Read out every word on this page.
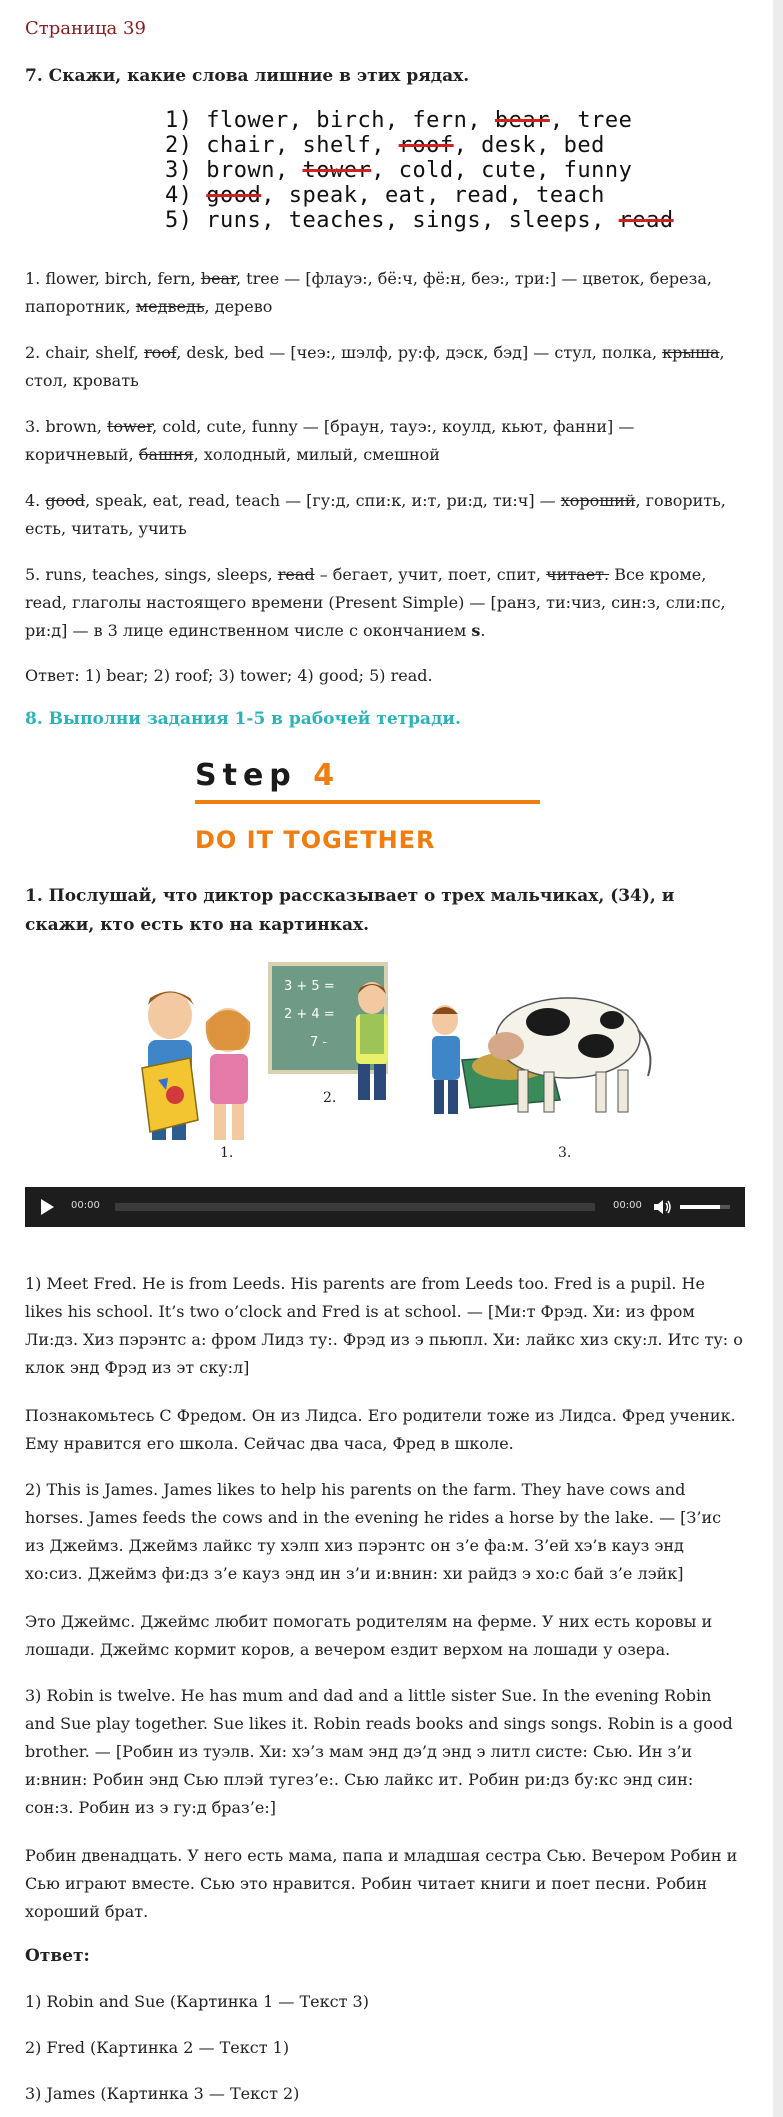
Страница 39
7. Скажи, какие слова лишние в этих рядах.
1) flower, birch, fern, bear, tree
2) chair, shelf, roof, desk, bed
3) brown, tower, cold, cute, funny
4) good, speak, eat, read, teach
5) runs, teaches, sings, sleeps, read

1. flower, birch, fern, bear, tree — [флауэ:, бё:ч, фё:н, беэ:, три:] — цветок, береза, папоротник, медведь, дерево

2. chair, shelf, roof, desk, bed — [чеэ:, шэлф, ру:ф, дэск, бэд] — стул, полка, крыша, стол, кровать

3. brown, tower, cold, cute, funny — [браун, тауэ:, коулд, кьют, фанни] — коричневый, башня, холодный, милый, смешной

4. good, speak, eat, read, teach — [гу:д, спи:к, и:т, ри:д, ти:ч] — хороший, говорить, есть, читать, учить

5. runs, teaches, sings, sleeps, read – бегает, учит, поет, спит, читает. Все кроме, read, глаголы настоящего времени (Present Simple) — [ранз, ти:чиз, син:з, сли:пс, ри:д] — в 3 лице единственном числе с окончанием s.

Ответ: 1) bear; 2) roof; 3) tower; 4) good; 5) read.

8. Выполни задания 1-5 в рабочей тетради.
Step 4
DO IT TOGETHER
1. Послушай, что диктор рассказывает о трех мальчиках, (34), и скажи, кто есть кто на картинках.
3 + 5 =
2 + 4 =
7 -
1.
2.
3.
00:00	00:00

1) Meet Fred. He is from Leeds. His parents are from Leeds too. Fred is a pupil. He likes his school. It’s two o’clock and Fred is at school. — [Ми:т Фрэд. Хи: из фром Ли:дз. Хиз пэрэнтс а: фром Лидз ту:. Фрэд из э пьюпл. Хи: лайкс хиз ску:л. Итс ту: о клок энд Фрэд из эт ску:л]

Познакомьтесь С Фредом. Он из Лидса. Его родители тоже из Лидса. Фред ученик. Ему нравится его школа. Сейчас два часа, Фред в школе.

2) This is James. James likes to help his parents on the farm. They have cows and horses. James feeds the cows and in the evening he rides a horse by the lake. — [З’ис из Джеймз. Джеймз лайкс ту хэлп хиз пэрэнтс он з’е фа:м. З’ей хэ’в кауз энд хо:сиз. Джеймз фи:дз з’е кауз энд ин з’и и:внин: хи райдз э хо:с бай з’е лэйк]

Это Джеймс. Джеймс любит помогать родителям на ферме. У них есть коровы и лошади. Джеймс кормит коров, а вечером ездит верхом на лошади у озера.

3) Robin is twelve. He has mum and dad and a little sister Sue. In the evening Robin and Sue play together. Sue likes it. Robin reads books and sings songs. Robin is a good brother. — [Робин из туэлв. Хи: хэ’з мам энд дэ’д энд э литл систе: Сью. Ин з’и и:внин: Робин энд Сью плэй тугез’е:. Сью лайкс ит. Робин ри:дз бу:кс энд син: сон:з. Робин из э гу:д браз’е:]

Робин двенадцать. У него есть мама, папа и младшая сестра Сью. Вечером Робин и Сью играют вместе. Сью это нравится. Робин читает книги и поет песни. Робин хороший брат.

Ответ:

1) Robin and Sue (Картинка 1 — Текст 3)

2) Fred (Картинка 2 — Текст 1)

3) James (Картинка 3 — Текст 2)
